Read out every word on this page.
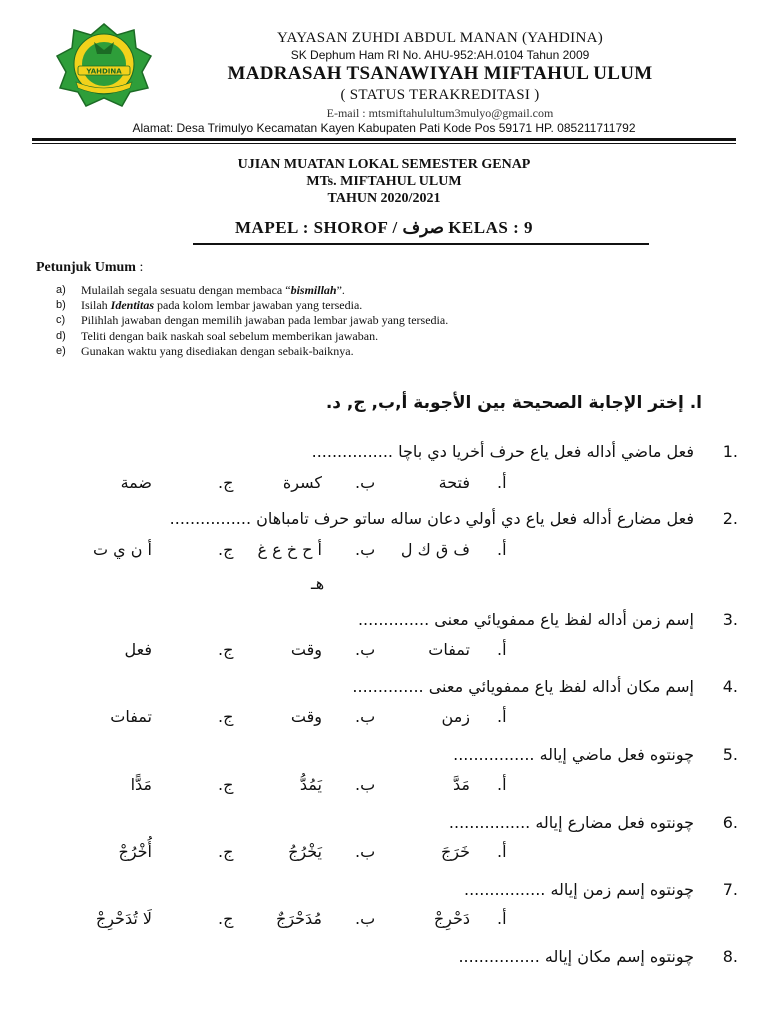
YAHDINA
YAYASAN ZUHDI ABDUL MANAN (YAHDINA)
SK Dephum Ham RI No. AHU-952:AH.0104 Tahun 2009
MADRASAH TSANAWIYAH MIFTAHUL ULUM
( STATUS TERAKREDITASI )
E-mail : mtsmiftahulultum3mulyo@gmail.com
Alamat: Desa Trimulyo Kecamatan Kayen Kabupaten Pati Kode Pos 59171 HP. 085211711792
UJIAN MUATAN LOKAL SEMESTER GENAP
MTs. MIFTAHUL ULUM
TAHUN 2020/2021
MAPEL : SHOROF / صرف KELAS : 9
Petunjuk Umum :
a) Mulailah segala sesuatu dengan membaca “bismillah”.
b) Isilah Identitas pada kolom lembar jawaban yang tersedia.
c) Pilihlah jawaban dengan memilih jawaban pada lembar jawab yang tersedia.
d) Teliti dengan baik naskah soal sebelum memberikan jawaban.
e) Gunakan waktu yang disediakan dengan sebaik-baiknya.
ا. إختر الإجابة الصحيحة بين الأجوبة أ,ب, ج, د.
1.فعل ماضي أداله فعل ياع حرف أخريا دي باچا ................
أ.
فتحة
ب.
كسرة
ج.
ضمة
2.فعل مضارع أداله فعل ياع دي أولي دعان ساله ساتو حرف تامباهان ................
أ.
ف ق ك ل
ب.
أ ح خ ع غ
ج.
أ ن ي ت
هـ
3.إسم زمن أداله لفظ ياع ممفويائي معنى ..............
أ.
تمفات
ب.
وقت
ج.
فعل
4.إسم مكان أداله لفظ ياع ممفويائي معنى ..............
أ.
زمن
ب.
وقت
ج.
تمفات
5.چونتوه فعل ماضي إياله ................
أ.
مَدَّ
ب.
يَمُدُّ
ج.
مَدًّا
6.چونتوه فعل مضارع إياله ................
أ.
خَرَجَ
ب.
يَخْرُجُ
ج.
أُخْرُجْ
7.چونتوه إسم زمن إياله ................
أ.
دَحْرِجْ
ب.
مُدَحْرَجٌ
ج.
لَا تُدَحْرِجْ
8.چونتوه إسم مكان إياله ................
